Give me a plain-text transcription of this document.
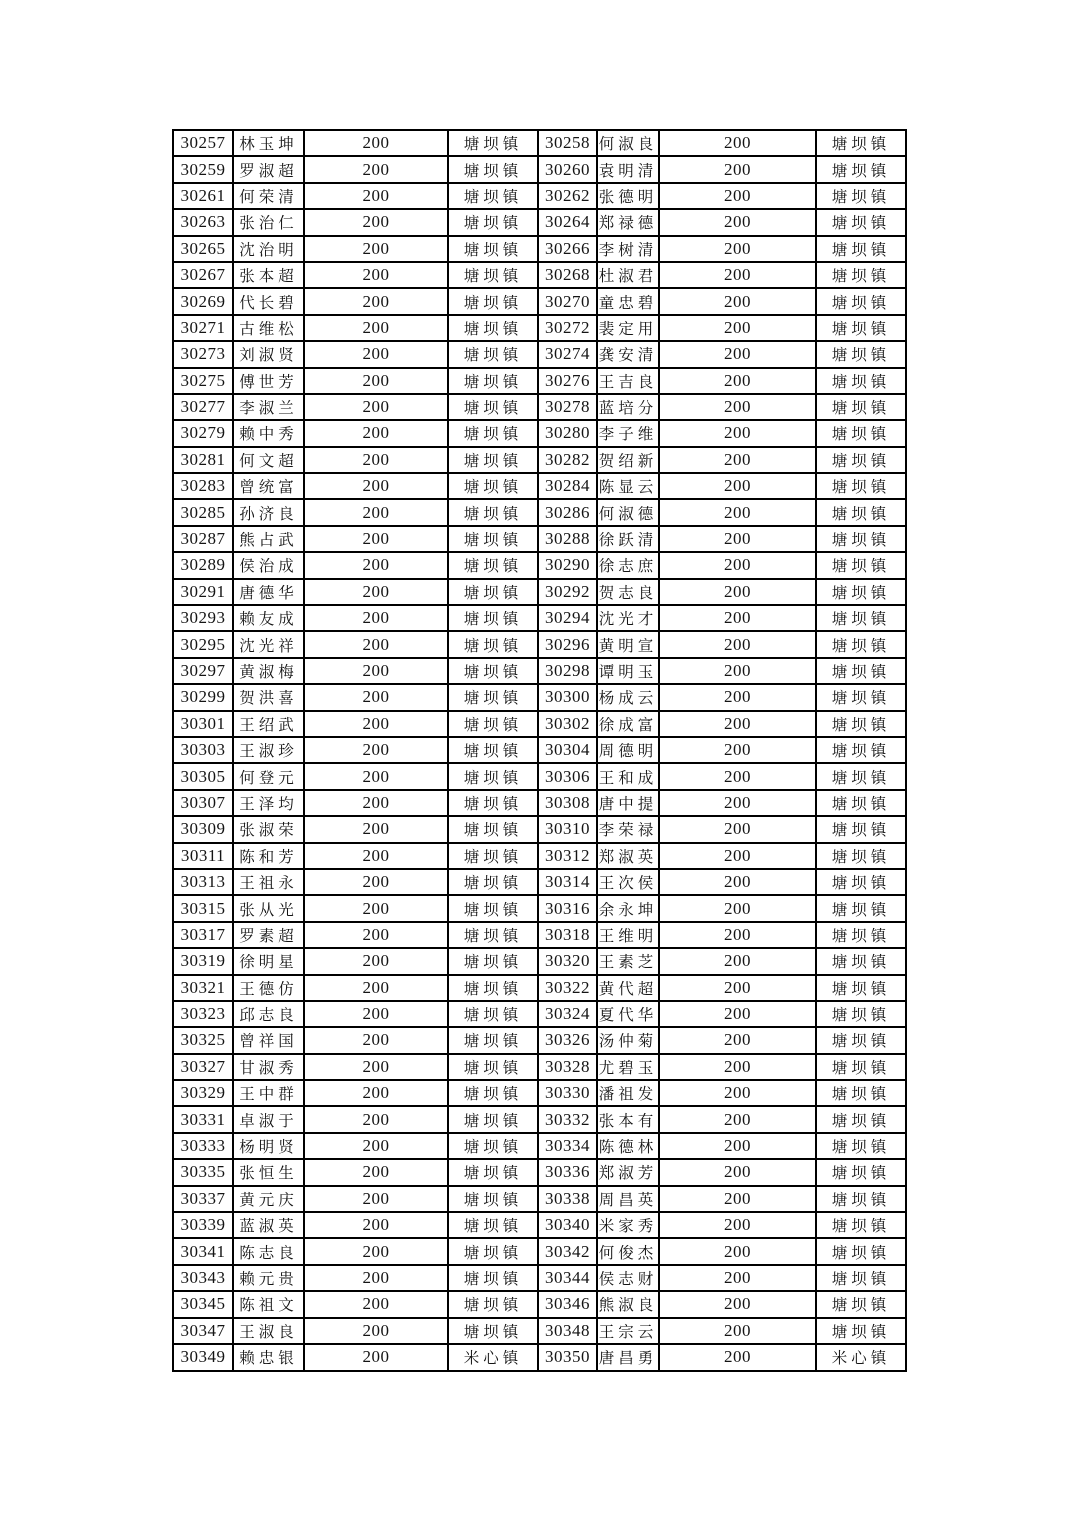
30257	林玉坤	200	塘坝镇	30258	何淑良	200	塘坝镇
30259	罗淑超	200	塘坝镇	30260	袁明清	200	塘坝镇
30261	何荣清	200	塘坝镇	30262	张德明	200	塘坝镇
30263	张治仁	200	塘坝镇	30264	郑禄德	200	塘坝镇
30265	沈治明	200	塘坝镇	30266	李树清	200	塘坝镇
30267	张本超	200	塘坝镇	30268	杜淑君	200	塘坝镇
30269	代长碧	200	塘坝镇	30270	童忠碧	200	塘坝镇
30271	古维松	200	塘坝镇	30272	裴定用	200	塘坝镇
30273	刘淑贤	200	塘坝镇	30274	龚安清	200	塘坝镇
30275	傅世芳	200	塘坝镇	30276	王吉良	200	塘坝镇
30277	李淑兰	200	塘坝镇	30278	蓝培分	200	塘坝镇
30279	赖中秀	200	塘坝镇	30280	李子维	200	塘坝镇
30281	何文超	200	塘坝镇	30282	贺绍新	200	塘坝镇
30283	曾统富	200	塘坝镇	30284	陈显云	200	塘坝镇
30285	孙济良	200	塘坝镇	30286	何淑德	200	塘坝镇
30287	熊占武	200	塘坝镇	30288	徐跃清	200	塘坝镇
30289	侯治成	200	塘坝镇	30290	徐志庶	200	塘坝镇
30291	唐德华	200	塘坝镇	30292	贺志良	200	塘坝镇
30293	赖友成	200	塘坝镇	30294	沈光才	200	塘坝镇
30295	沈光祥	200	塘坝镇	30296	黄明宣	200	塘坝镇
30297	黄淑梅	200	塘坝镇	30298	谭明玉	200	塘坝镇
30299	贺洪喜	200	塘坝镇	30300	杨成云	200	塘坝镇
30301	王绍武	200	塘坝镇	30302	徐成富	200	塘坝镇
30303	王淑珍	200	塘坝镇	30304	周德明	200	塘坝镇
30305	何登元	200	塘坝镇	30306	王和成	200	塘坝镇
30307	王泽均	200	塘坝镇	30308	唐中提	200	塘坝镇
30309	张淑荣	200	塘坝镇	30310	李荣禄	200	塘坝镇
30311	陈和芳	200	塘坝镇	30312	郑淑英	200	塘坝镇
30313	王祖永	200	塘坝镇	30314	王次侯	200	塘坝镇
30315	张从光	200	塘坝镇	30316	余永坤	200	塘坝镇
30317	罗素超	200	塘坝镇	30318	王维明	200	塘坝镇
30319	徐明星	200	塘坝镇	30320	王素芝	200	塘坝镇
30321	王德仿	200	塘坝镇	30322	黄代超	200	塘坝镇
30323	邱志良	200	塘坝镇	30324	夏代华	200	塘坝镇
30325	曾祥国	200	塘坝镇	30326	汤仲菊	200	塘坝镇
30327	甘淑秀	200	塘坝镇	30328	尤碧玉	200	塘坝镇
30329	王中群	200	塘坝镇	30330	潘祖发	200	塘坝镇
30331	卓淑于	200	塘坝镇	30332	张本有	200	塘坝镇
30333	杨明贤	200	塘坝镇	30334	陈德林	200	塘坝镇
30335	张恒生	200	塘坝镇	30336	郑淑芳	200	塘坝镇
30337	黄元庆	200	塘坝镇	30338	周昌英	200	塘坝镇
30339	蓝淑英	200	塘坝镇	30340	米家秀	200	塘坝镇
30341	陈志良	200	塘坝镇	30342	何俊杰	200	塘坝镇
30343	赖元贵	200	塘坝镇	30344	侯志财	200	塘坝镇
30345	陈祖文	200	塘坝镇	30346	熊淑良	200	塘坝镇
30347	王淑良	200	塘坝镇	30348	王宗云	200	塘坝镇
30349	赖忠银	200	米心镇	30350	唐昌勇	200	米心镇
